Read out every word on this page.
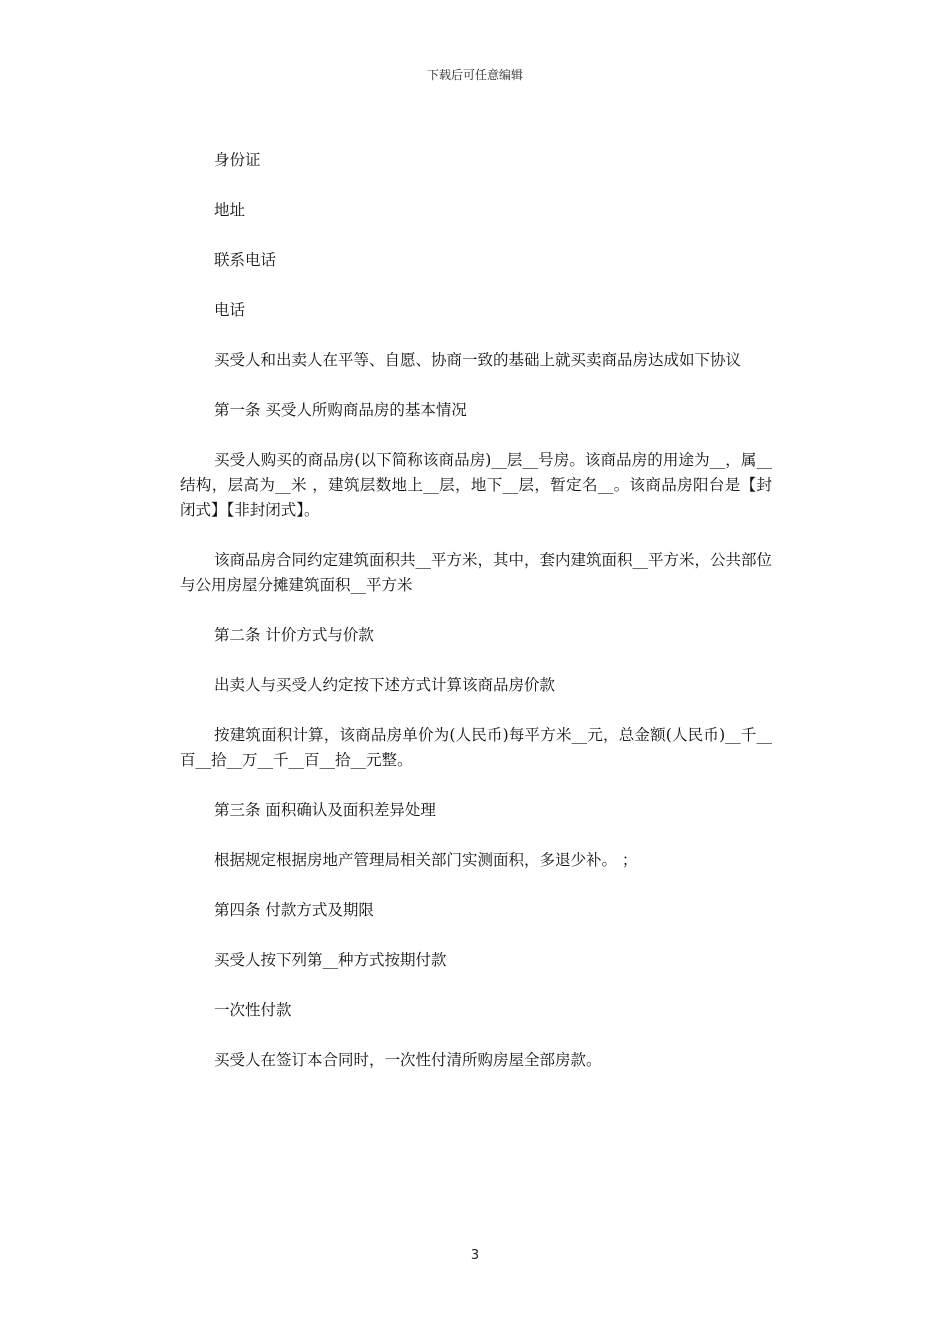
下载后可任意编辑

身份证

地址

联系电话

电话

买受人和出卖人在平等、自愿、协商一致的基础上就买卖商品房达成如下协议

第一条 买受人所购商品房的基本情况

买受人购买的商品房(以下简称该商品房)__层__号房。该商品房的用途为__，属__结构，层高为__米 ，建筑层数地上__层，地下__层，暂定名__。该商品房阳台是【封闭式】【非封闭式】。

该商品房合同约定建筑面积共__平方米，其中，套内建筑面积__平方米，公共部位与公用房屋分摊建筑面积__平方米

第二条 计价方式与价款

出卖人与买受人约定按下述方式计算该商品房价款

按建筑面积计算，该商品房单价为(人民币)每平方米__元，总金额(人民币)__千__百__拾__万__千__百__拾__元整。

第三条 面积确认及面积差异处理

根据规定根据房地产管理局相关部门实测面积，多退少补。 ；

第四条 付款方式及期限

买受人按下列第__种方式按期付款

一次性付款

买受人在签订本合同时，一次性付清所购房屋全部房款。

3
